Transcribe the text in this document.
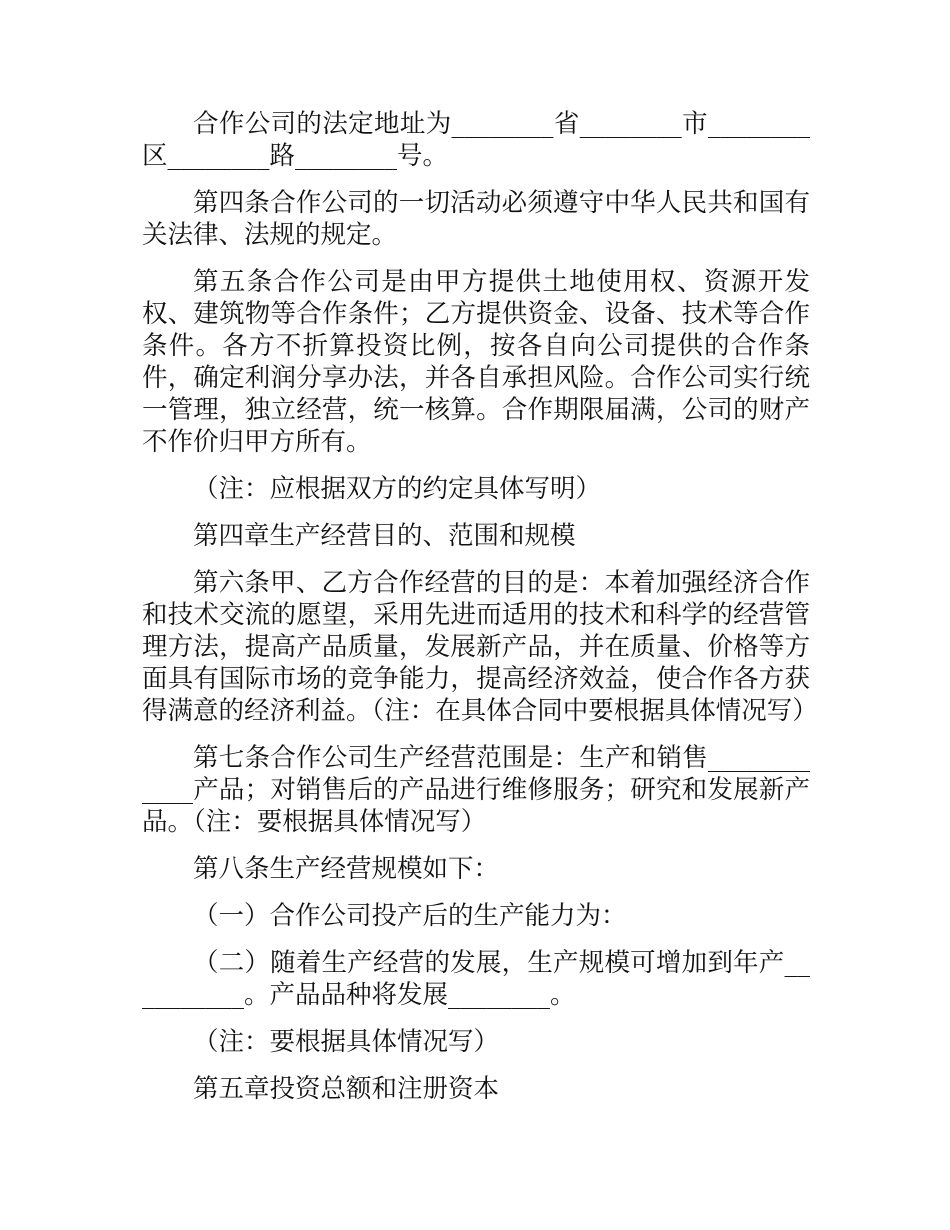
合作公司的法定地址为________省________市________区________路________号。

第四条合作公司的一切活动必须遵守中华人民共和国有关法律、法规的规定。

第五条合作公司是由甲方提供土地使用权、资源开发权、建筑物等合作条件；乙方提供资金、设备、技术等合作条件。各方不折算投资比例，按各自向公司提供的合作条件，确定利润分享办法，并各自承担风险。合作公司实行统一管理，独立经营，统一核算。合作期限届满，公司的财产不作价归甲方所有。

（注：应根据双方的约定具体写明）

第四章生产经营目的、范围和规模

第六条甲、乙方合作经营的目的是：本着加强经济合作和技术交流的愿望，采用先进而适用的技术和科学的经营管理方法，提高产品质量，发展新产品，并在质量、价格等方面具有国际市场的竞争能力，提高经济效益，使合作各方获得满意的经济利益。（注：在具体合同中要根据具体情况写）

第七条合作公司生产经营范围是：生产和销售____________产品；对销售后的产品进行维修服务；研究和发展新产品。（注：要根据具体情况写）

第八条生产经营规模如下：

（一）合作公司投产后的生产能力为：

（二）随着生产经营的发展，生产规模可增加到年产__________。产品品种将发展________。

（注：要根据具体情况写）

第五章投资总额和注册资本
